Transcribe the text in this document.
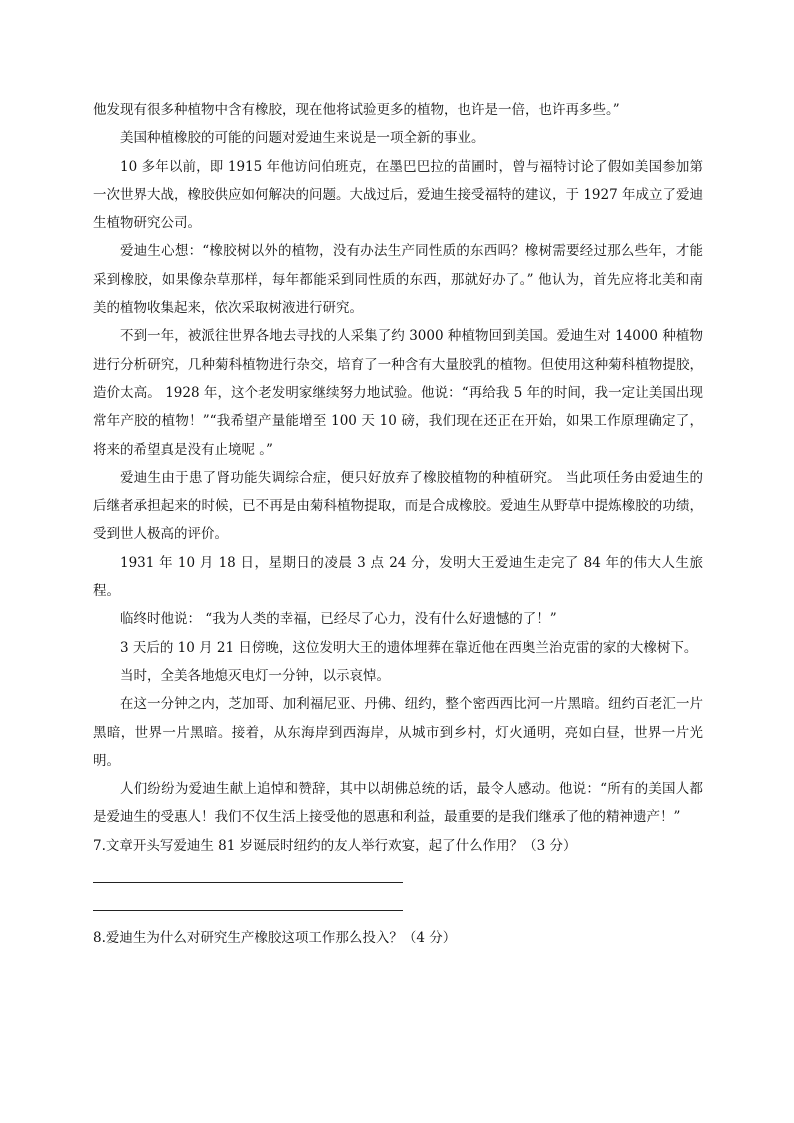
他发现有很多种植物中含有橡胶，现在他将试验更多的植物，也许是一倍，也许再多些。”

美国种植橡胶的可能的问题对爱迪生来说是一项全新的事业。

10 多年以前，即 1915 年他访问伯班克，在墨巴巴拉的苗圃时，曾与福特讨论了假如美国参加第一次世界大战，橡胶供应如何解决的问题。大战过后，爱迪生接受福特的建议，于 1927 年成立了爱迪生植物研究公司。

爱迪生心想：“橡胶树以外的植物，没有办法生产同性质的东西吗？橡树需要经过那么些年，才能采到橡胶，如果像杂草那样，每年都能采到同性质的东西，那就好办了。” 他认为，首先应将北美和南美的植物收集起来，依次采取树液进行研究。

不到一年，被派往世界各地去寻找的人采集了约 3000 种植物回到美国。爱迪生对 14000 种植物进行分析研究，几种菊科植物进行杂交，培育了一种含有大量胶乳的植物。但使用这种菊科植物提胶，造价太高。 1928 年，这个老发明家继续努力地试验。他说：“再给我 5 年的时间，我一定让美国出现常年产胶的植物！”“我希望产量能增至 100 天 10 磅，我们现在还正在开始，如果工作原理确定了，将来的希望真是没有止境呢 。”

爱迪生由于患了肾功能失调综合症，便只好放弃了橡胶植物的种植研究。 当此项任务由爱迪生的后继者承担起来的时候，已不再是由菊科植物提取，而是合成橡胶。爱迪生从野草中提炼橡胶的功绩，受到世人极高的评价。

1931 年 10 月 18 日，星期日的凌晨 3 点 24 分，发明大王爱迪生走完了 84 年的伟大人生旅程。

临终时他说： “我为人类的幸福，已经尽了心力，没有什么好遗憾的了！”

3 天后的 10 月 21 日傍晚，这位发明大王的遗体埋葬在靠近他在西奥兰治克雷的家的大橡树下。

当时，全美各地熄灭电灯一分钟，以示哀悼。

在这一分钟之内，芝加哥、加利福尼亚、丹佛、纽约，整个密西西比河一片黑暗。纽约百老汇一片黑暗，世界一片黑暗。接着，从东海岸到西海岸，从城市到乡村，灯火通明，亮如白昼，世界一片光明。

人们纷纷为爱迪生献上追悼和赞辞，其中以胡佛总统的话，最令人感动。他说：“所有的美国人都是爱迪生的受惠人！我们不仅生活上接受他的恩惠和利益，最重要的是我们继承了他的精神遗产！”

7.文章开头写爱迪生 81 岁诞辰时纽约的友人举行欢宴，起了什么作用？（3 分）

8.爱迪生为什么对研究生产橡胶这项工作那么投入？（4 分）
